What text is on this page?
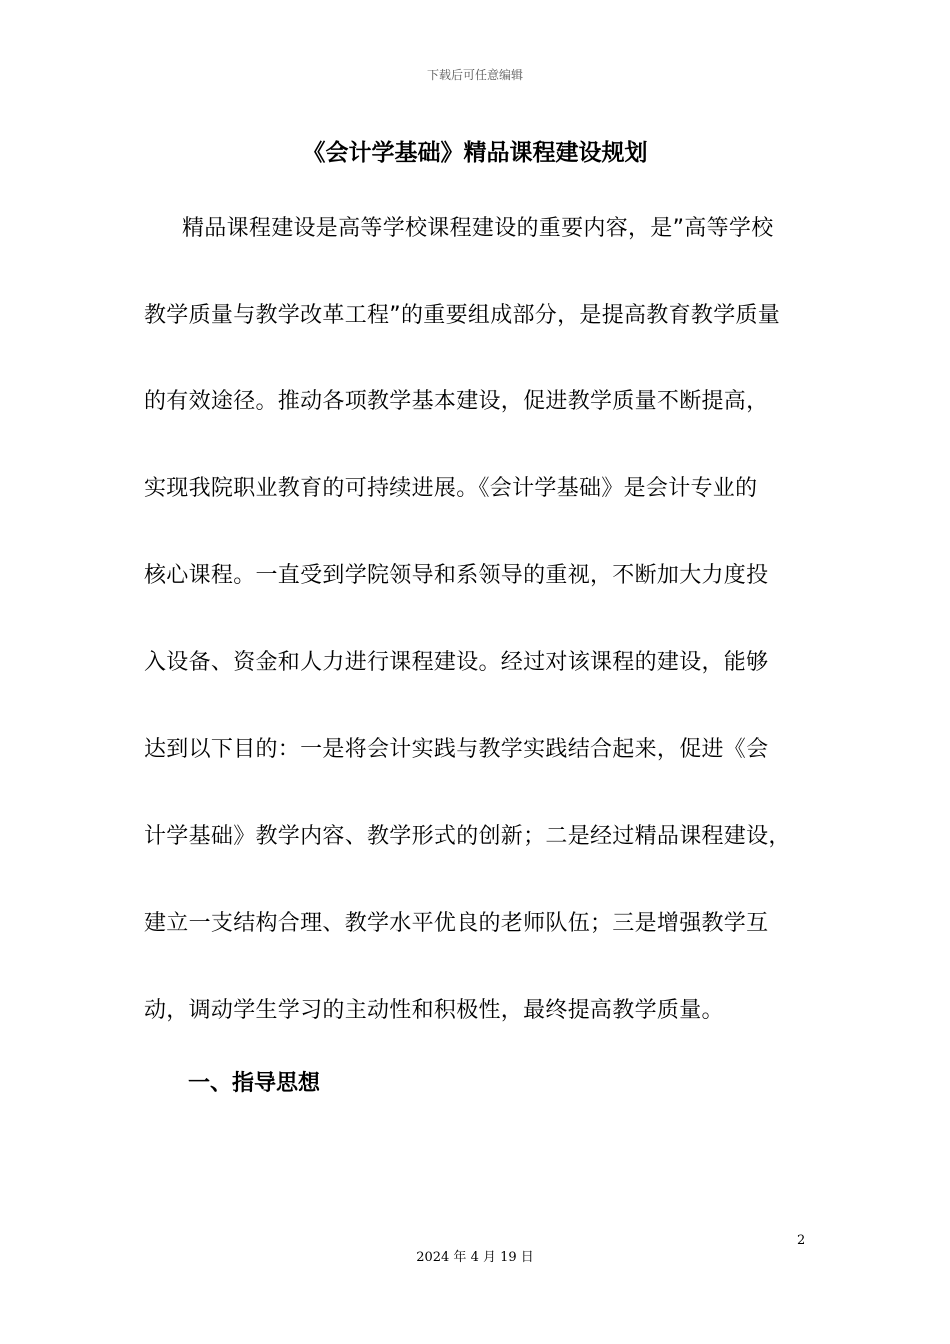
下载后可任意编辑
《会计学基础》精品课程建设规划
精品课程建设是高等学校课程建设的重要内容，是”高等学校
教学质量与教学改革工程”的重要组成部分，是提高教育教学质量
的有效途径。推动各项教学基本建设，促进教学质量不断提高，
实现我院职业教育的可持续进展。《会计学基础》是会计专业的
核心课程。一直受到学院领导和系领导的重视，不断加大力度投
入设备、资金和人力进行课程建设。经过对该课程的建设，能够
达到以下目的：一是将会计实践与教学实践结合起来，促进《会
计学基础》教学内容、教学形式的创新；二是经过精品课程建设，
建立一支结构合理、教学水平优良的老师队伍；三是增强教学互
动，调动学生学习的主动性和积极性，最终提高教学质量。
一、指导思想
2
2024 年 4 月 19 日
